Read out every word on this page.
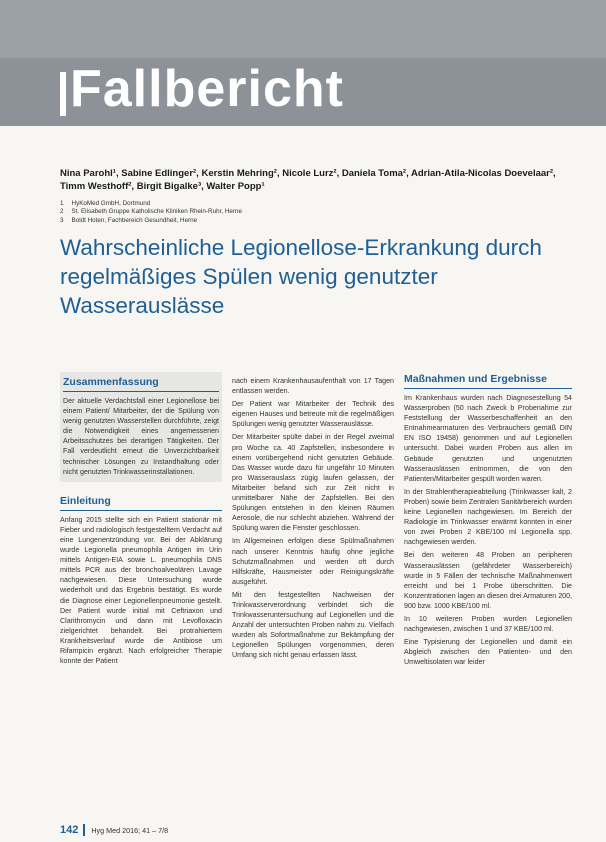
Fallbericht
Nina Parohl¹, Sabine Edlinger², Kerstin Mehring², Nicole Lurz², Daniela Toma², Adrian-Atila-Nicolas Doevelaar², Timm Westhoff², Birgit Bigalke³, Walter Popp¹
1 HyKoMed GmbH, Dortmund
2 St. Elisabeth Gruppe Katholische Kliniken Rhein-Ruhr, Herne
3 Boldt Hoten, Fachbereich Gesundheit, Herne
Wahrscheinliche Legionellose-Erkrankung durch regelmäßiges Spülen wenig genutzter Wasserauslässe
Zusammenfassung
Der aktuelle Verdachtsfall einer Legionellose bei einem Patient/ Mitarbeiter, der die Spülung von wenig genutzten Wasserstellen durchführte, zeigt die Notwendigkeit eines angemessenen Arbeitsschutzes bei derartigen Tätigkeiten. Der Fall verdeutlicht erneut die Unverzichtbarkeit technischer Lösungen zu Instandhaltung oder nicht genutzten Trinkwasserinstallationen.
Einleitung
Anfang 2015 stellte sich ein Patient stationär mit Fieber und radiologisch festgestelltem Verdacht auf eine Lungenentzündung vor. Bei der Abklärung wurde Legionella pneumophila Antigen im Urin mittels Antigen-EIA sowie L. pneumophila DNS mittels PCR aus der bronchoalveolären Lavage nachgewiesen. Diese Untersuchung wurde wiederholt und das Ergebnis bestätigt. Es wurde die Diagnose einer Legionellenpneumonie gestellt. Der Patient wurde initial mit Ceftriaxon und Clarithromycin und dann mit Levofloxacin zielgerichtet behandelt. Bei protrahiertem Krankheitsverlauf wurde die Antibiose um Rifampicin ergänzt. Nach erfolgreicher Therapie konnte der Patient
nach einem Krankenhausaufenthalt von 17 Tagen entlassen werden.
Der Patient war Mitarbeiter der Technik des eigenen Hauses und betreute mit die regelmäßigen Spülungen wenig genutzter Wasserauslässe.
Der Mitarbeiter spülte dabei in der Regel zweimal pro Woche ca. 40 Zapfstellen, insbesondere in einem vorübergehend nicht genutzten Gebäude. Das Wasser wurde dazu für ungefähr 10 Minuten pro Wasserauslass zügig laufen gelassen, der Mitarbeiter befand sich zur Zeit nicht in unmittelbarer Nähe der Zapfstellen. Bei den Spülungen entstehen in den kleinen Räumen Aerosole, die nur schlecht abziehen. Während der Spülung waren die Fenster geschlossen.
Im Allgemeinen erfolgen diese Spülmaßnahmen nach unserer Kenntnis häufig ohne jegliche Schutzmaßnahmen und werden oft durch Hilfskräfte, Hausmeister oder Reinigungskräfte ausgeführt.
Mit den festgestellten Nachweisen der Trinkwasserverordnung verbindet sich die Trinkwasseruntersuchung auf Legionellen und die Anzahl der untersuchten Proben nahm zu. Vielfach wurden als Sofortmaßnahme zur Bekämpfung der Legionellen Spülungen vorgenommen, deren Umfang sich nicht genau erfassen lässt.
Maßnahmen und Ergebnisse
Im Krankenhaus wurden nach Diagnosestellung 54 Wasserproben (50 nach Zweck b Probenahme zur Feststellung der Wasserbeschaffenheit an den Entnahmearmaturen des Verbrauchers gemäß DIN EN ISO 19458) genommen und auf Legionellen untersucht. Dabei wurden Proben aus allen im Gebäude genutzten und ungenutzten Wasserauslässen entnommen, die von den Patienten/Mitarbeiter gespült worden waren.
In der Strahlentherapieabteilung (Trinkwasser kalt, 2 Proben) sowie beim Zentralen Sanitärbereich wurden keine Legionellen nachgewiesen. Im Bereich der Radiologie im Trinkwasser erwärmt konnten in einer von zwei Proben 2 KBE/100 ml Legionella spp. nachgewiesen werden.
Bei den weiteren 48 Proben an peripheren Wasserauslässen (gefährdeter Wasserbereich) wurde in 5 Fällen der technische Maßnahmenwert erreicht und bei 1 Probe überschritten. Die Konzentrationen lagen an diesen drei Armaturen 200, 900 bzw. 1000 KBE/100 ml.
In 10 weiteren Proben wurden Legionellen nachgewiesen, zwischen 1 und 37 KBE/100 ml.
Eine Typisierung der Legionellen und damit ein Abgleich zwischen den Patienten- und den Umweltisolaten war leider
142	Hyg Med 2016; 41 – 7/8
